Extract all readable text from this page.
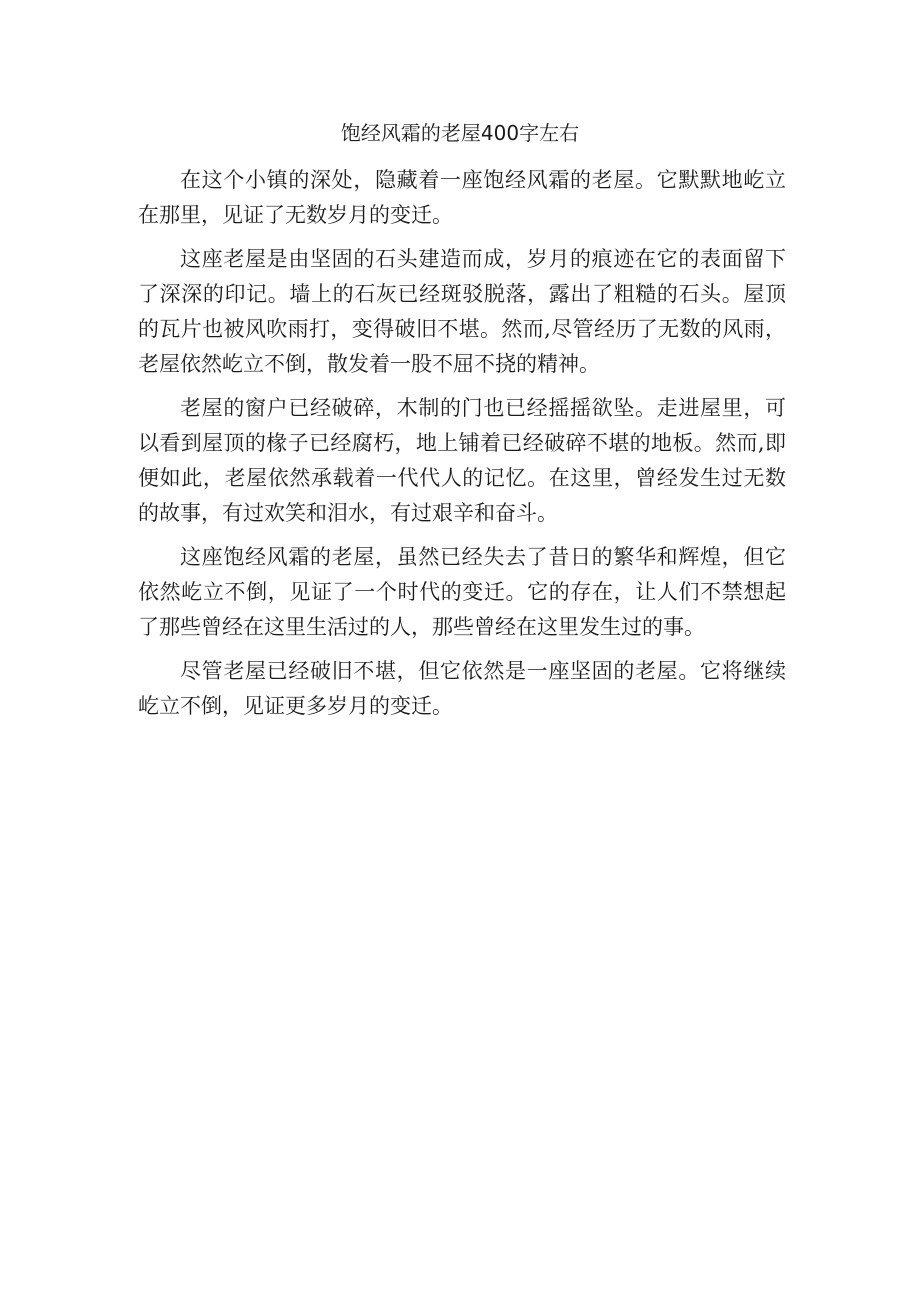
饱经风霜的老屋400字左右

在这个小镇的深处，隐藏着一座饱经风霜的老屋。它默默地屹立在那里，见证了无数岁月的变迁。

这座老屋是由坚固的石头建造而成，岁月的痕迹在它的表面留下了深深的印记。墙上的石灰已经斑驳脱落，露出了粗糙的石头。屋顶的瓦片也被风吹雨打，变得破旧不堪。然而,尽管经历了无数的风雨，老屋依然屹立不倒，散发着一股不屈不挠的精神。

老屋的窗户已经破碎，木制的门也已经摇摇欲坠。走进屋里，可以看到屋顶的椽子已经腐朽，地上铺着已经破碎不堪的地板。然而,即便如此，老屋依然承载着一代代人的记忆。在这里，曾经发生过无数的故事，有过欢笑和泪水，有过艰辛和奋斗。

这座饱经风霜的老屋，虽然已经失去了昔日的繁华和辉煌，但它依然屹立不倒，见证了一个时代的变迁。它的存在，让人们不禁想起了那些曾经在这里生活过的人，那些曾经在这里发生过的事。

尽管老屋已经破旧不堪，但它依然是一座坚固的老屋。它将继续屹立不倒，见证更多岁月的变迁。
